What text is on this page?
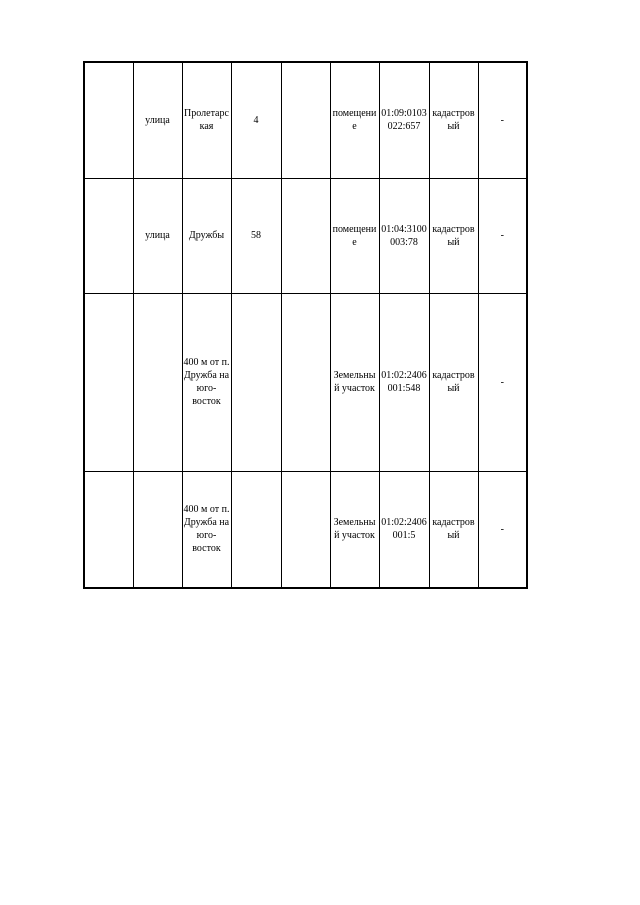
	улица	Пролетарская	4		помещение	01:09:0103022:657	кадастровый	-
	улица	Дружбы	58		помещение	01:04:3100003:78	кадастровый	-
		400 м от п. Дружба на юго-восток			Земельный участок	01:02:2406001:548	кадастровый	-
		400 м от п. Дружба на юго-восток			Земельный участок	01:02:2406001:5	кадастровый	-
